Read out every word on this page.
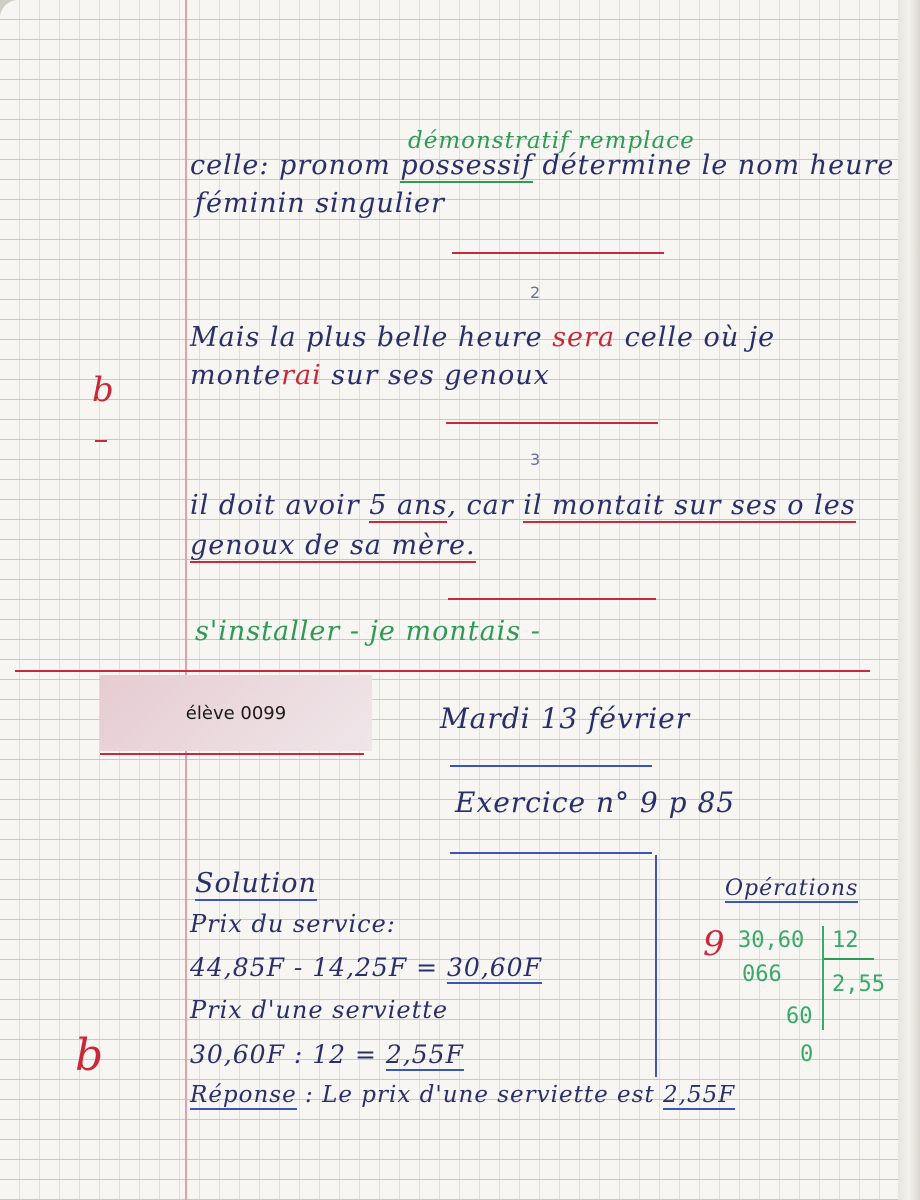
démonstratif remplace
celle: pronom possessif détermine le nom heure
féminin singulier
2
Mais la plus belle heure sera celle où je
monterai sur ses genoux
b
3
il doit avoir 5 ans, car il montait sur ses o les
genoux de sa mère.
s'installer - je montais -
élève 0099	Mardi 13 février
Exercice n° 9 p 85
Solution
Prix du service:
44,85F - 14,25F = 30,60F
Prix d'une serviette
30,60F : 12 = 2,55F
Réponse : Le prix d'une serviette est 2,55F
b
Opérations
9 30,60 12
066 2,55
60
0
